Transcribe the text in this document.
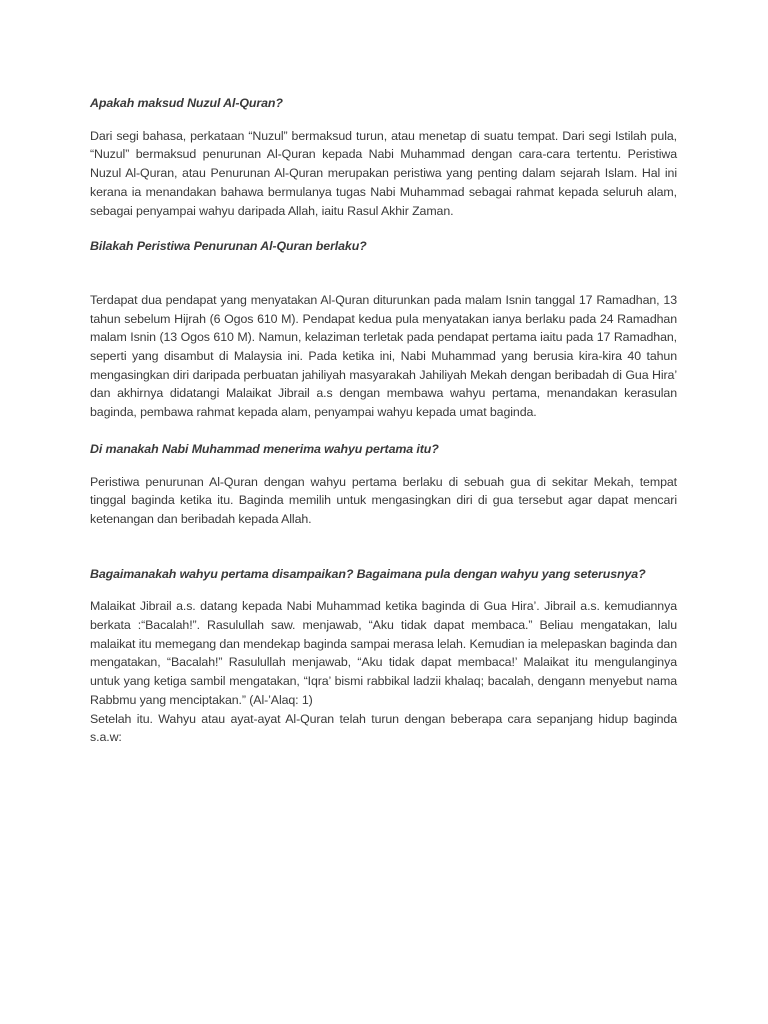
Apakah maksud Nuzul Al-Quran?

Dari segi bahasa, perkataan “Nuzul” bermaksud turun, atau menetap di suatu tempat. Dari segi Istilah pula, “Nuzul” bermaksud penurunan Al-Quran kepada Nabi Muhammad dengan cara-cara tertentu. Peristiwa Nuzul Al-Quran, atau Penurunan Al-Quran merupakan peristiwa yang penting dalam sejarah Islam. Hal ini kerana ia menandakan bahawa bermulanya tugas Nabi Muhammad sebagai rahmat kepada seluruh alam, sebagai penyampai wahyu daripada Allah, iaitu Rasul Akhir Zaman.

Bilakah Peristiwa Penurunan Al-Quran berlaku?

Terdapat dua pendapat yang menyatakan Al-Quran diturunkan pada malam Isnin tanggal 17 Ramadhan, 13 tahun sebelum Hijrah (6 Ogos 610 M). Pendapat kedua pula menyatakan ianya berlaku pada 24 Ramadhan malam Isnin (13 Ogos 610 M). Namun, kelaziman terletak pada pendapat pertama iaitu pada 17 Ramadhan, seperti yang disambut di Malaysia ini. Pada ketika ini, Nabi Muhammad yang berusia kira-kira 40 tahun mengasingkan diri daripada perbuatan jahiliyah masyarakah Jahiliyah Mekah dengan beribadah di Gua Hira’ dan akhirnya didatangi Malaikat Jibrail a.s dengan membawa wahyu pertama, menandakan kerasulan baginda, pembawa rahmat kepada alam, penyampai wahyu kepada umat baginda.

Di manakah Nabi Muhammad menerima wahyu pertama itu?

Peristiwa penurunan Al-Quran dengan wahyu pertama berlaku di sebuah gua di sekitar Mekah, tempat tinggal baginda ketika itu. Baginda memilih untuk mengasingkan diri di gua tersebut agar dapat mencari ketenangan dan beribadah kepada Allah.

Bagaimanakah wahyu pertama disampaikan? Bagaimana pula dengan wahyu yang seterusnya?

Malaikat Jibrail a.s. datang kepada Nabi Muhammad ketika baginda di Gua Hira’. Jibrail a.s. kemudiannya berkata :“Bacalah!”. Rasulullah saw. menjawab, “Aku tidak dapat membaca.” Beliau mengatakan, lalu malaikat itu memegang dan mendekap baginda sampai merasa lelah. Kemudian ia melepaskan baginda dan mengatakan, “Bacalah!” Rasulullah menjawab, “Aku tidak dapat membaca!’ Malaikat itu mengulanginya untuk yang ketiga sambil mengatakan, “Iqra’ bismi rabbikal ladzii khalaq; bacalah, dengann menyebut nama Rabbmu yang menciptakan.” (Al-’Alaq: 1)

Setelah itu. Wahyu atau ayat-ayat Al-Quran telah turun dengan beberapa cara sepanjang hidup baginda s.a.w:
